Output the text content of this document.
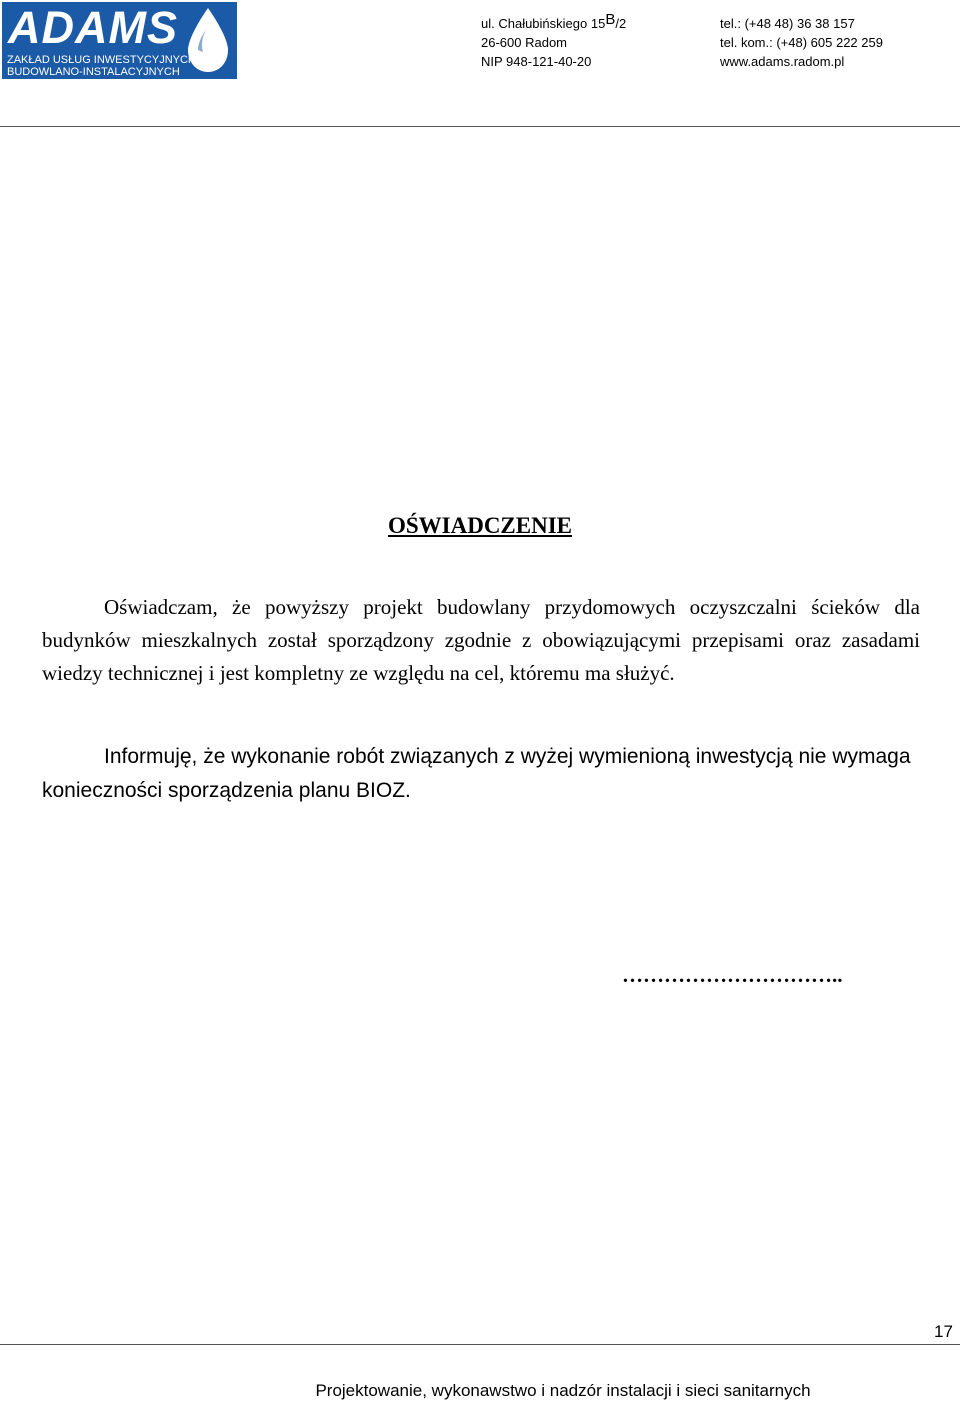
ADAMS
ZAKŁAD USŁUG INWESTYCYJNYCH
BUDOWLANO-INSTALACYJNYCH
ul. Chałubińskiego 15B/2
26-600 Radom
NIP 948-121-40-20
tel.: (+48 48) 36 38 157
tel. kom.: (+48) 605 222 259
www.adams.radom.pl
OŚWIADCZENIE

Oświadczam, że powyższy projekt budowlany przydomowych oczyszczalni ścieków dla budynków mieszkalnych został sporządzony zgodnie z obowiązującymi przepisami oraz zasadami wiedzy technicznej i jest kompletny ze względu na cel, któremu ma służyć.

Informuję, że wykonanie robót związanych z wyżej wymienioną inwestycją nie wymaga konieczności sporządzenia planu BIOZ.

…………………………..
17
Projektowanie, wykonawstwo i nadzór instalacji i sieci sanitarnych
